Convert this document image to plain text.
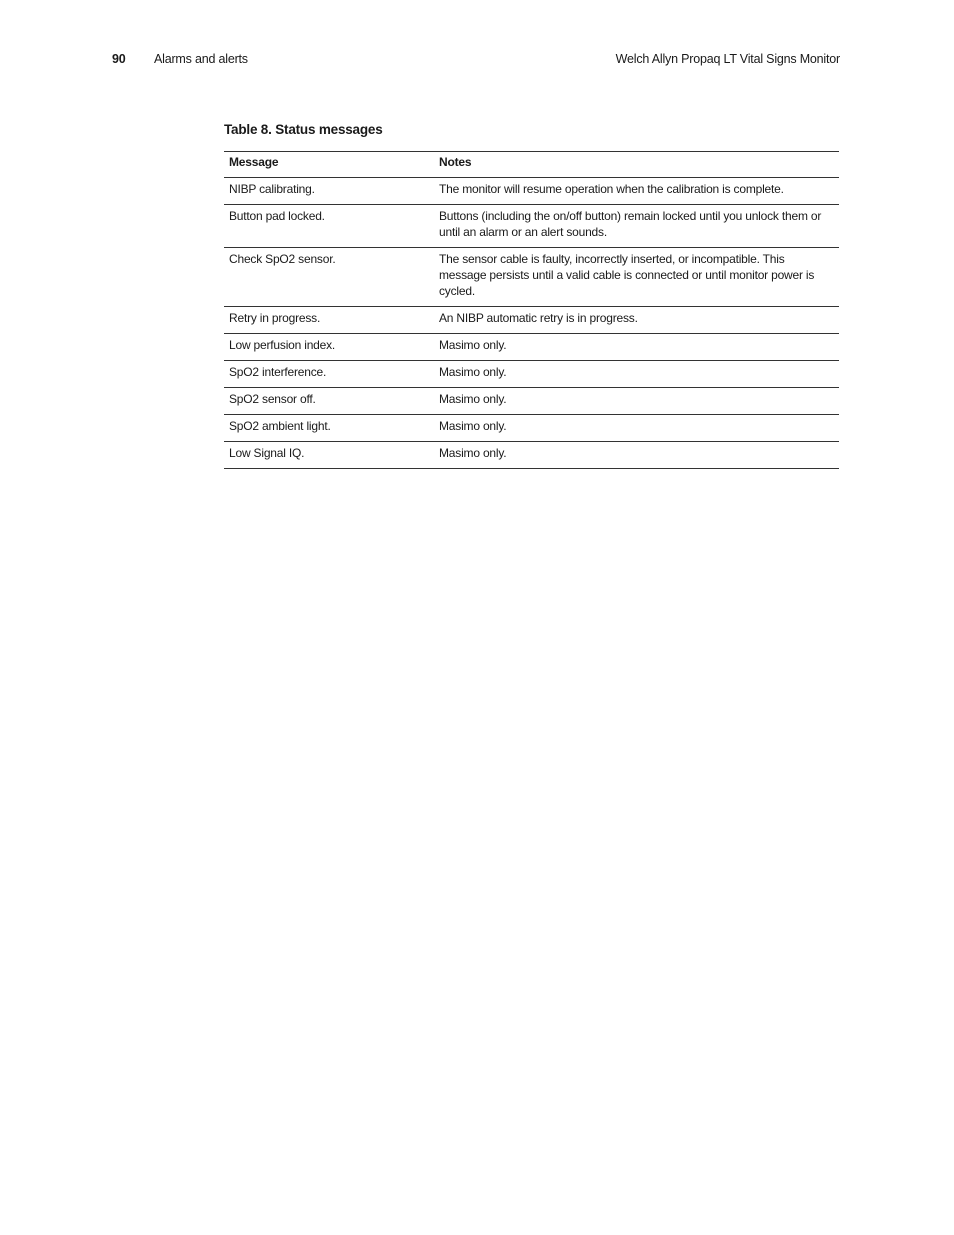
90 Alarms and alerts	Welch Allyn Propaq LT Vital Signs Monitor
Table 8. Status messages
Message	Notes
NIBP calibrating.	The monitor will resume operation when the calibration is complete.
Button pad locked.	Buttons (including the on/off button) remain locked until you unlock them or until an alarm or an alert sounds.
Check SpO2 sensor.	The sensor cable is faulty, incorrectly inserted, or incompatible. This message persists until a valid cable is connected or until monitor power is cycled.
Retry in progress.	An NIBP automatic retry is in progress.
Low perfusion index.	Masimo only.
SpO2 interference.	Masimo only.
SpO2 sensor off.	Masimo only.
SpO2 ambient light.	Masimo only.
Low Signal IQ.	Masimo only.
